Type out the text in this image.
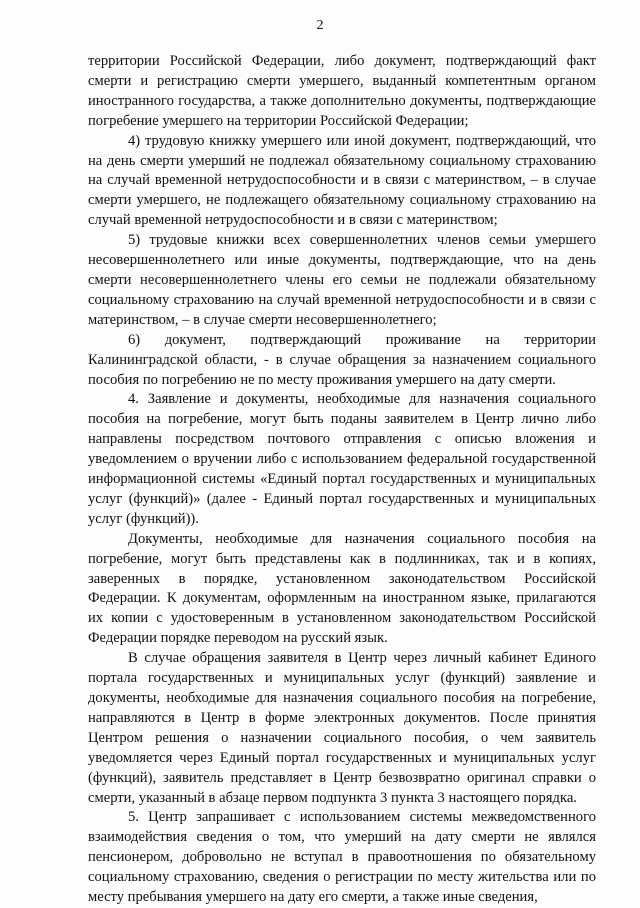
2

территории Российской Федерации, либо документ, подтверждающий факт смерти и регистрацию смерти умершего, выданный компетентным органом иностранного государства, а также дополнительно документы, подтверждающие погребение умершего на территории Российской Федерации;

4) трудовую книжку умершего или иной документ, подтверждающий, что на день смерти умерший не подлежал обязательному социальному страхованию на случай временной нетрудоспособности и в связи с материнством, – в случае смерти умершего, не подлежащего обязательному социальному страхованию на случай временной нетрудоспособности и в связи с материнством;

5) трудовые книжки всех совершеннолетних членов семьи умершего несовершеннолетнего или иные документы, подтверждающие, что на день смерти несовершеннолетнего члены его семьи не подлежали обязательному социальному страхованию на случай временной нетрудоспособности и в связи с материнством, – в случае смерти несовершеннолетнего;

6) документ, подтверждающий проживание на территории Калининградской области, - в случае обращения за назначением социального пособия по погребению не по месту проживания умершего на дату смерти.

4. Заявление и документы, необходимые для назначения социального пособия на погребение, могут быть поданы заявителем в Центр лично либо направлены посредством почтового отправления с описью вложения и уведомлением о вручении либо с использованием федеральной государственной информационной системы «Единый портал государственных и муниципальных услуг (функций)» (далее - Единый портал государственных и муниципальных услуг (функций)).

Документы, необходимые для назначения социального пособия на погребение, могут быть представлены как в подлинниках, так и в копиях, заверенных в порядке, установленном законодательством Российской Федерации. К документам, оформленным на иностранном языке, прилагаются их копии с удостоверенным в установленном законодательством Российской Федерации порядке переводом на русский язык.

В случае обращения заявителя в Центр через личный кабинет Единого портала государственных и муниципальных услуг (функций) заявление и документы, необходимые для назначения социального пособия на погребение, направляются в Центр в форме электронных документов. После принятия Центром решения о назначении социального пособия, о чем заявитель уведомляется через Единый портал государственных и муниципальных услуг (функций), заявитель представляет в Центр безвозвратно оригинал справки о смерти, указанный в абзаце первом подпункта 3 пункта 3 настоящего порядка.

5. Центр запрашивает с использованием системы межведомственного взаимодействия сведения о том, что умерший на дату смерти не являлся пенсионером, добровольно не вступал в правоотношения по обязательному социальному страхованию, сведения о регистрации по месту жительства или по месту пребывания умершего на дату его смерти, а также иные сведения,
